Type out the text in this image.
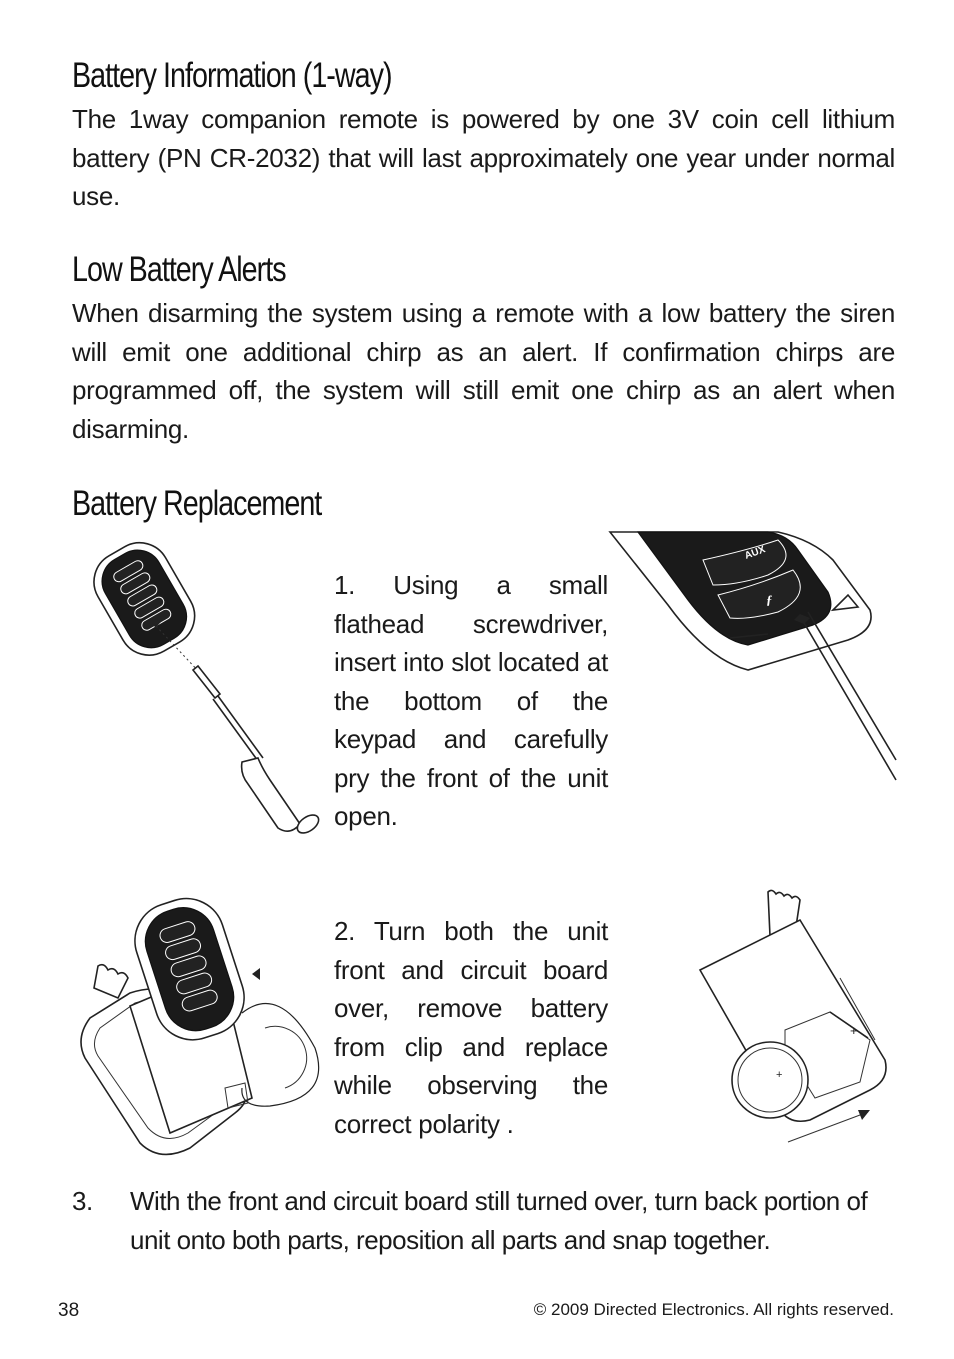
Battery Information (1-way)
The 1way companion remote is powered by one 3V coin cell lithium battery (PN CR-2032) that will last approximately one year under normal use.
Low Battery Alerts
When disarming the system using a remote with a low battery the siren will emit one additional chirp as an alert. If confirmation chirps are programmed off, the system will still emit one chirp as an alert when disarming.
Battery Replacement
1. Using a small flathead screwdriver, insert into slot located at the bottom of the keypad and carefully pry the front of the unit open.
AUX
ƒ
2. Turn both the unit front and circuit board over, remove battery from clip and replace while observing the correct polarity .
+
+
3. With the front and circuit board still turned over, turn back portion of unit onto both parts, reposition all parts and snap together.
38	© 2009 Directed Electronics. All rights reserved.
